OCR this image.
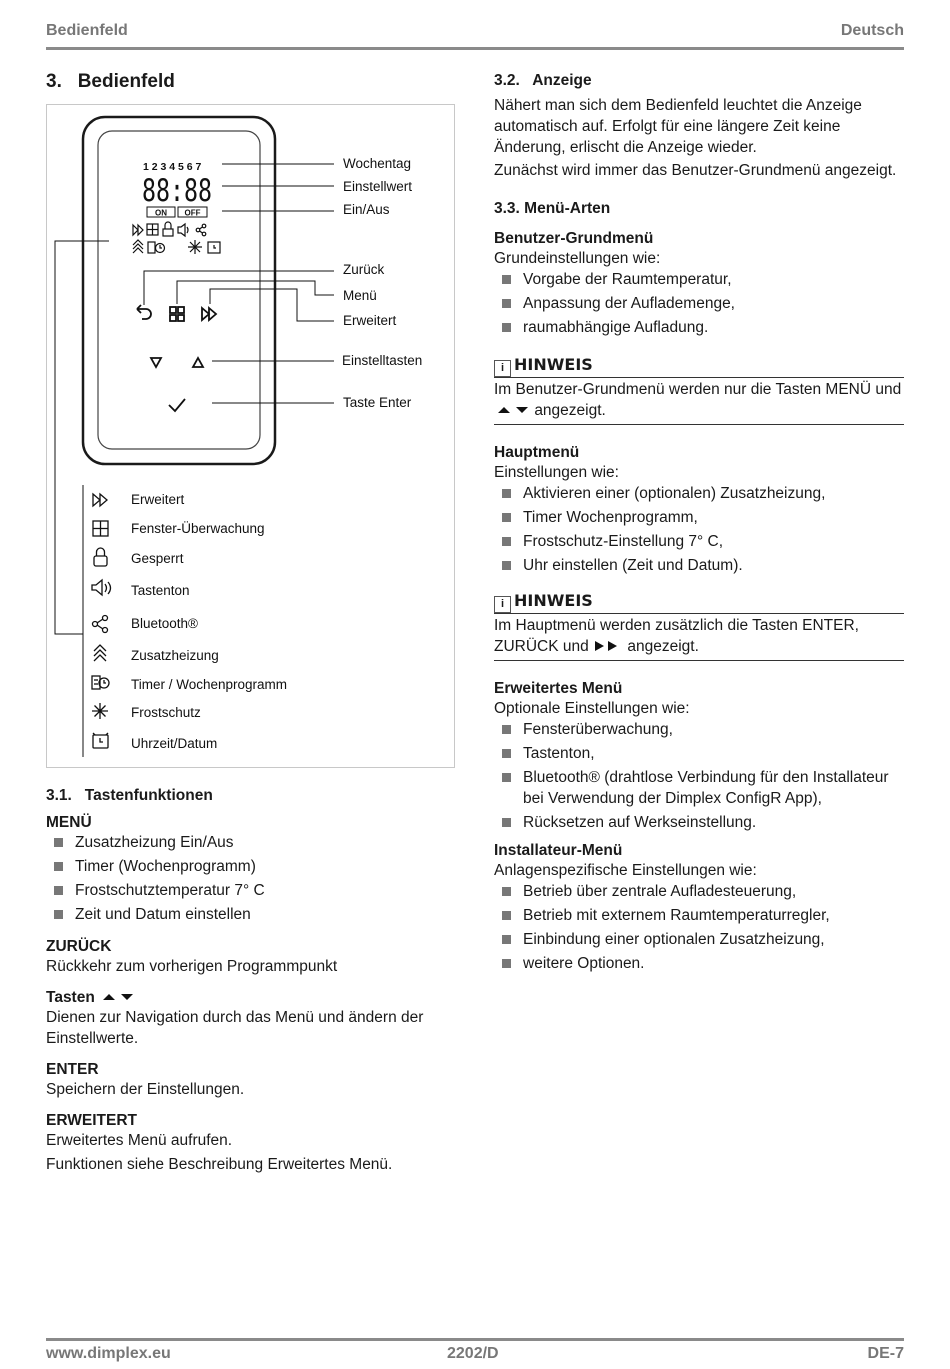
Bedienfeld	Deutsch
3. Bedienfeld
1 2 3 4 5 6 7
88:88
ON OFF
Wochentag
Einstellwert
Ein/Aus
Zurück
Menü
Erweitert
Einstelltasten
Taste Enter
Erweitert
Fenster-Überwachung
Gesperrt
Tastenton
Bluetooth®
Zusatzheizung
Timer / Wochenprogramm
Frostschutz
Uhrzeit/Datum
3.1.   Tastenfunktionen
MENÜ
Zusatzheizung Ein/Aus
Timer (Wochenprogramm)
Frostschutztemperatur 7° C
Zeit und Datum einstellen
ZURÜCK
Rückkehr zum vorherigen Programmpunkt
Tasten
Dienen zur Navigation durch das Menü und ändern der Einstellwerte.
ENTER
Speichern der Einstellungen.
ERWEITERT
Erweitertes Menü aufrufen.
Funktionen siehe Beschreibung Erweitertes Menü.
3.2.   Anzeige
Nähert man sich dem Bedienfeld leuchtet die Anzeige automatisch auf. Erfolgt für eine längere Zeit keine Änderung, erlischt die Anzeige wieder.
Zunächst wird immer das Benutzer-Grundmenü angezeigt.
3.3. Menü-Arten
Benutzer-Grundmenü
Grundeinstellungen wie:
Vorgabe der Raumtemperatur,
Anpassung der Auflademenge,
raumabhängige Aufladung.
i HINWEIS
Im Benutzer-Grundmenü werden nur die Tasten MENÜ und  angezeigt.
Hauptmenü
Einstellungen wie:
Aktivieren einer (optionalen) Zusatzheizung,
Timer Wochenprogramm,
Frostschutz-Einstellung 7° C,
Uhr einstellen (Zeit und Datum).
i HINWEIS
Im Hauptmenü werden zusätzlich die Tasten ENTER, ZURÜCK und angezeigt.
Erweitertes Menü
Optionale Einstellungen wie:
Fensterüberwachung,
Tastenton,
Bluetooth® (drahtlose Verbindung für den Installateur bei Verwendung der Dimplex ConfigR App),
Rücksetzen auf Werkseinstellung.
Installateur-Menü
Anlagenspezifische Einstellungen wie:
Betrieb über zentrale Aufladesteuerung,
Betrieb mit externem Raumtemperaturregler,
Einbindung einer optionalen Zusatzheizung,
weitere Optionen.
www.dimplex.eu	2202/D	DE-7
